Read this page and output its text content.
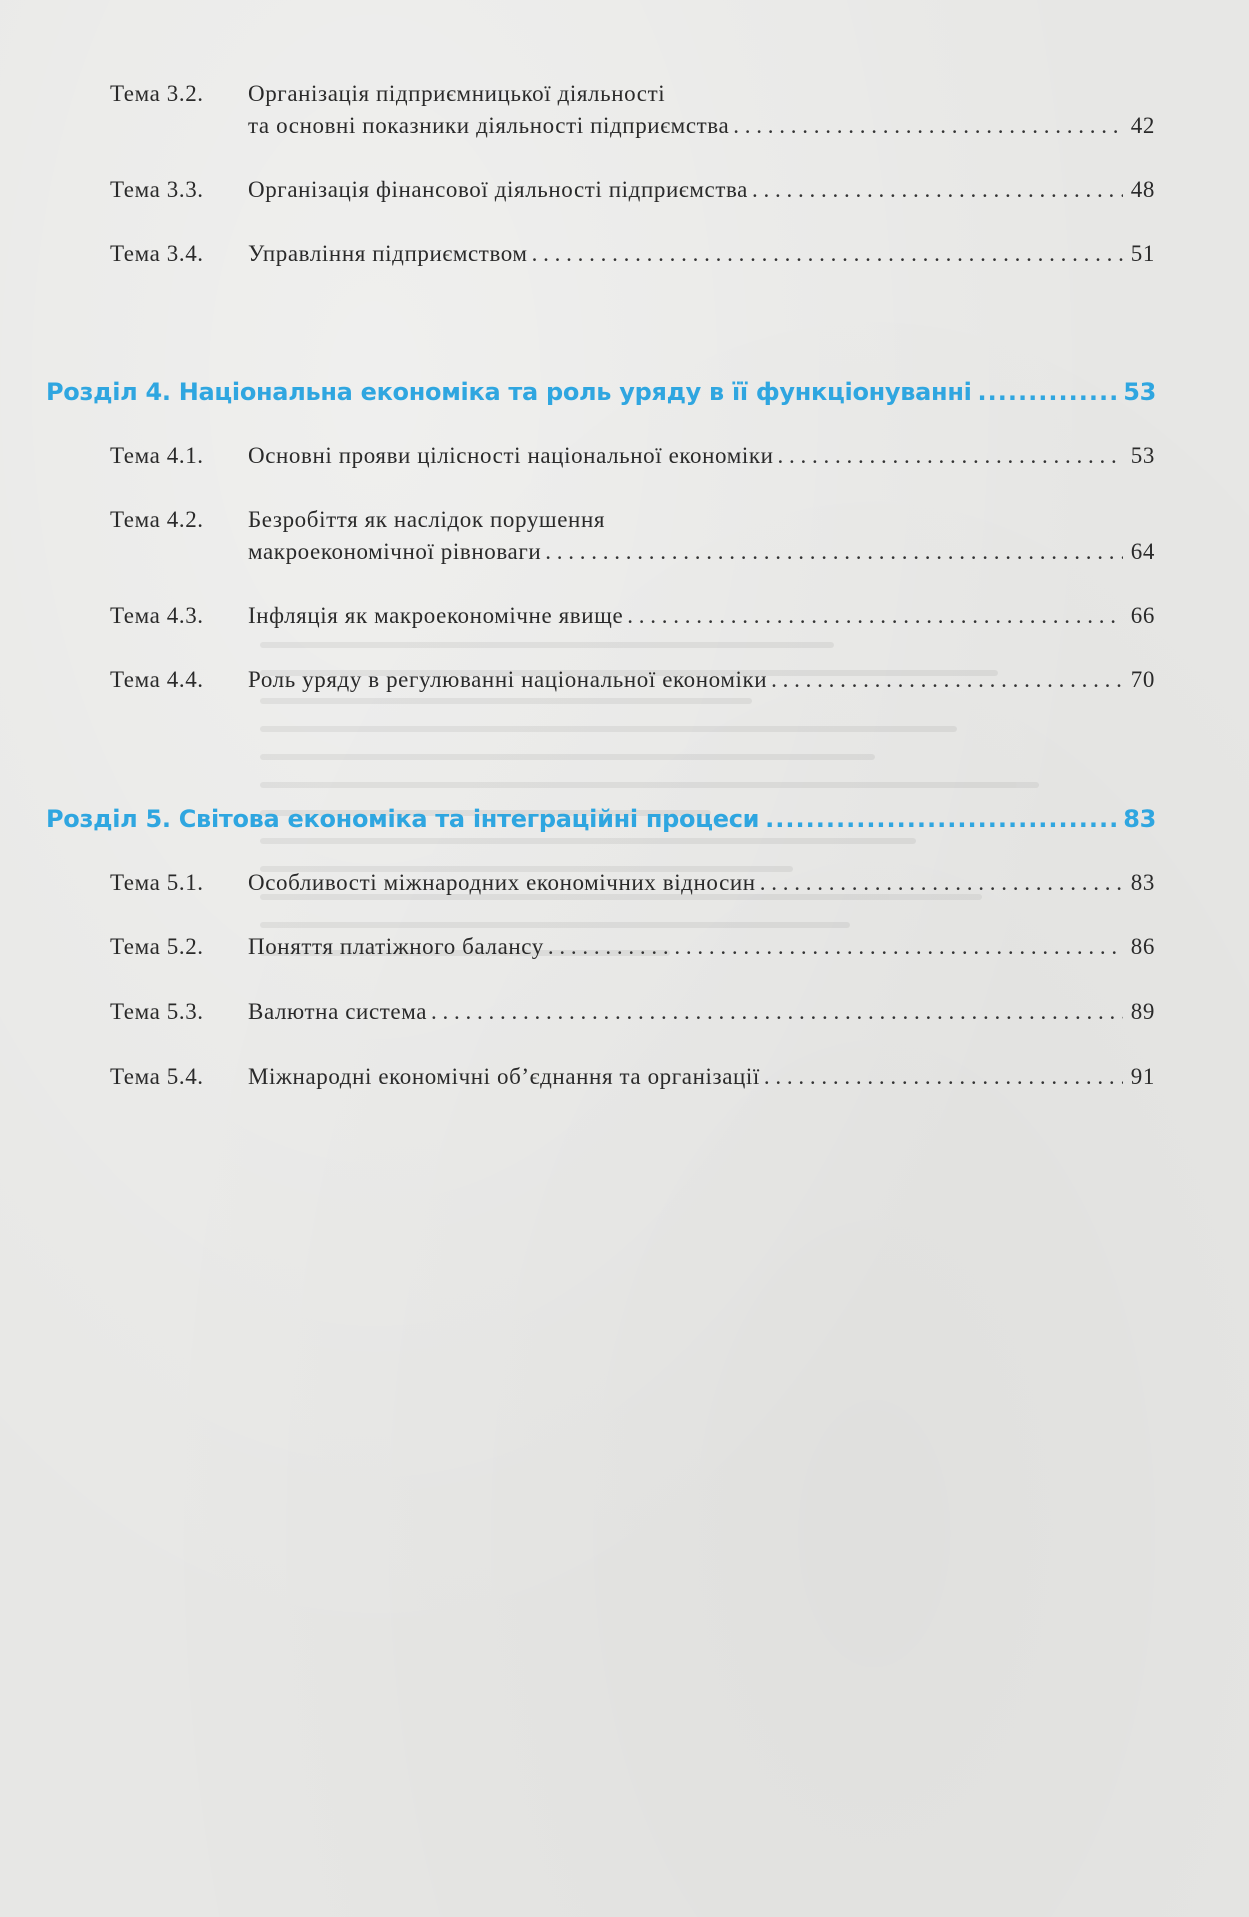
Тема 3.2.	Організація підприємницької діяльності
та основні показники діяльності підприємства . . .	42
Тема 3.3.	Організація фінансової діяльності підприємства . . .	48
Тема 3.4.	Управління підприємством . . .	51
Розділ 4. Національна економіка та роль уряду в її функціонуванні .....	53
Тема 4.1.	Основні прояви цілісності національної економіки . . .	53
Тема 4.2.	Безробіття як наслідок порушення
макроекономічної рівноваги . . .	64
Тема 4.3.	Інфляція як макроекономічне явище . . .	66
Тема 4.4.	Роль уряду в регулюванні національної економіки . . .	70
Розділ 5. Світова економіка та інтеграційні процеси .....	83
Тема 5.1.	Особливості міжнародних економічних відносин . . .	83
Тема 5.2.	Поняття платіжного балансу . . .	86
Тема 5.3.	Валютна система . . .	89
Тема 5.4.	Міжнародні економічні об’єднання та організації . . .	91
